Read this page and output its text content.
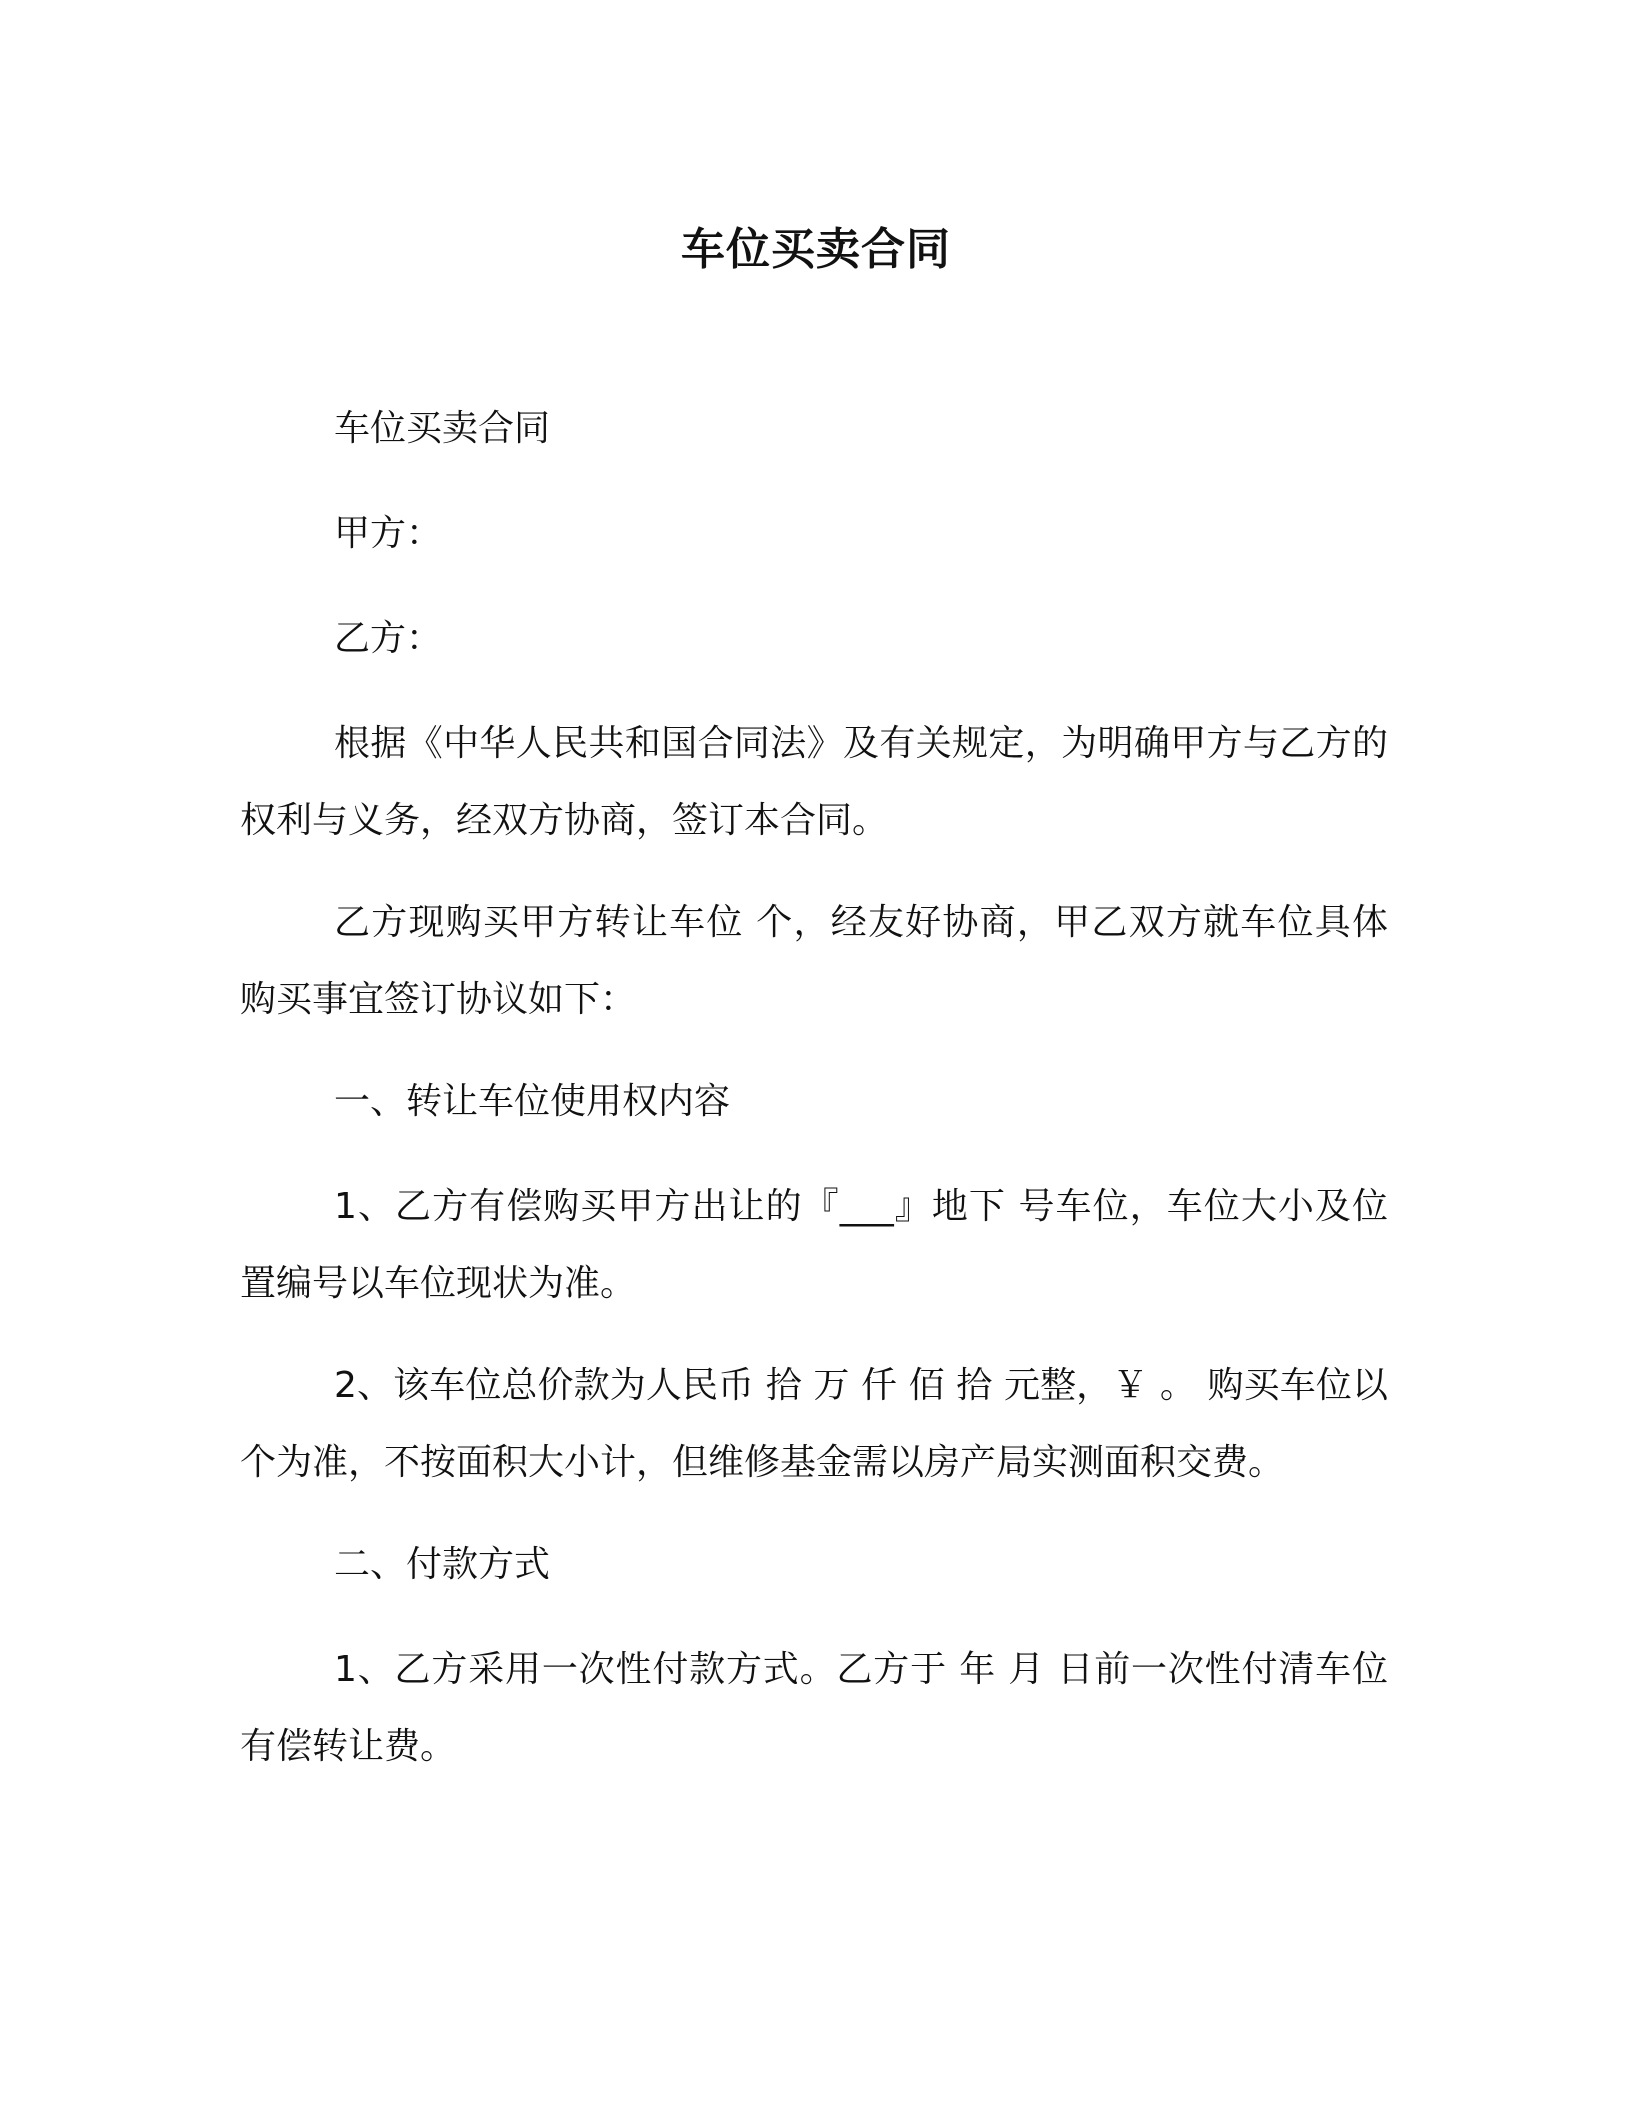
车位买卖合同

车位买卖合同

甲方：

乙方：

根据《中华人民共和国合同法》及有关规定，为明确甲方与乙方的权利与义务，经双方协商，签订本合同。

乙方现购买甲方转让车位 个，经友好协商，甲乙双方就车位具体购买事宜签订协议如下：

一、转让车位使用权内容

1、乙方有偿购买甲方出让的『___』地下 号车位，车位大小及位置编号以车位现状为准。

2、该车位总价款为人民币 拾 万 仟 佰 拾 元整，￥ 。 购买车位以个为准，不按面积大小计，但维修基金需以房产局实测面积交费。

二、付款方式

1、乙方采用一次性付款方式。乙方于 年 月 日前一次性付清车位有偿转让费。
